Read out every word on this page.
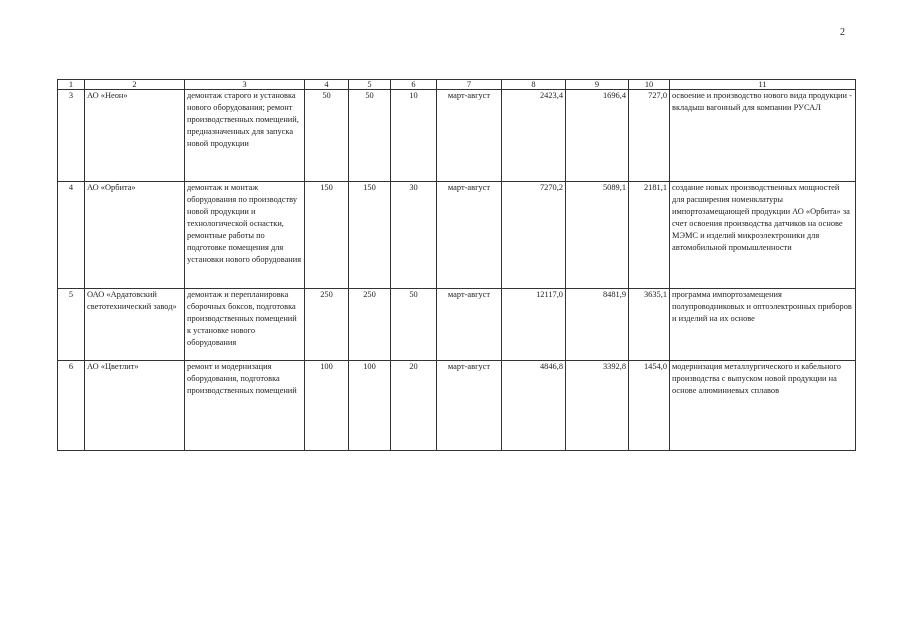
2
1	2	3	4	5	6	7	8	9	10	11
3	АО «Неон»	демонтаж старого и установка нового оборудования; ремонт производственных помещений, предназначенных для запуска новой продукции	50	50	10	март-август	2423,4	1696,4	727,0	освоение и производство нового вида продукции - вкладыш вагонный для компании РУСАЛ
4	АО «Орбита»	демонтаж и монтаж оборудования по производству новой продукции и технологической оснастки, ремонтные работы по подготовке помещения для установки нового оборудования	150	150	30	март-август	7270,2	5089,1	2181,1	создание новых производственных мощностей для расширения номенклатуры импортозамещающей продукции АО «Орбита» за счет освоения производства датчиков на основе МЭМС и изделий микроэлектроники для автомобильной промышленности
5	ОАО «Ардатовский светотехнический завод»	демонтаж и перепланировка сборочных боксов, подготовка производственных помещений к установке нового оборудования	250	250	50	март-август	12117,0	8481,9	3635,1	программа импортозамещения полупроводниковых и оптоэлектронных приборов и изделий на их основе
6	АО «Цветлит»	ремонт и модернизация оборудования, подготовка производственных помещений	100	100	20	март-август	4846,8	3392,8	1454,0	модернизация металлургического и кабельного производства с выпуском новой продукции на основе алюминиевых сплавов
